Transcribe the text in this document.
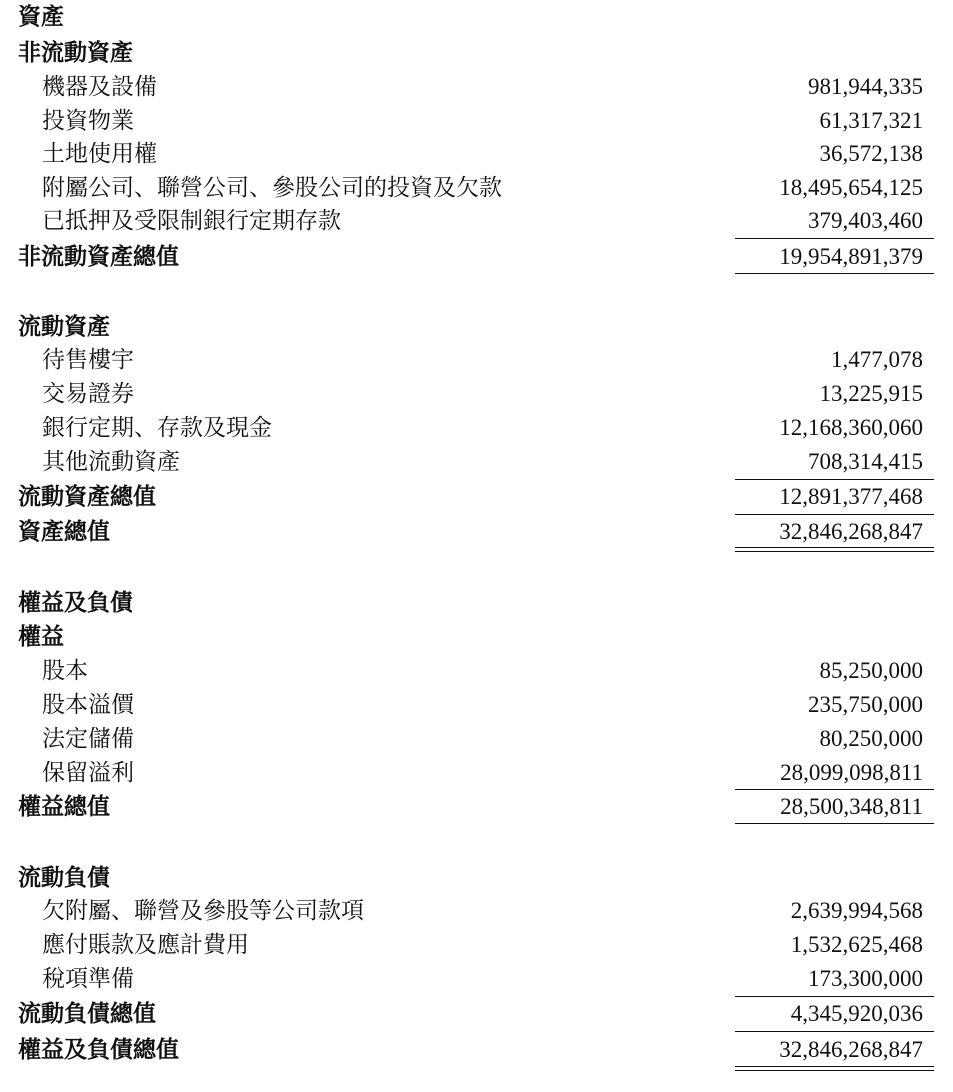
資產
非流動資產
機器及設備	981,944,335
投資物業	61,317,321
土地使用權	36,572,138
附屬公司、聯營公司、參股公司的投資及欠款	18,495,654,125
已抵押及受限制銀行定期存款	379,403,460
非流動資產總值	19,954,891,379
流動資產
待售樓宇	1,477,078
交易證券	13,225,915
銀行定期、存款及現金	12,168,360,060
其他流動資產	708,314,415
流動資產總值	12,891,377,468
資產總值	32,846,268,847
權益及負債
權益
股本	85,250,000
股本溢價	235,750,000
法定儲備	80,250,000
保留溢利	28,099,098,811
權益總值	28,500,348,811
流動負債
欠附屬、聯營及參股等公司款項	2,639,994,568
應付賬款及應計費用	1,532,625,468
稅項準備	173,300,000
流動負債總值	4,345,920,036
權益及負債總值	32,846,268,847
